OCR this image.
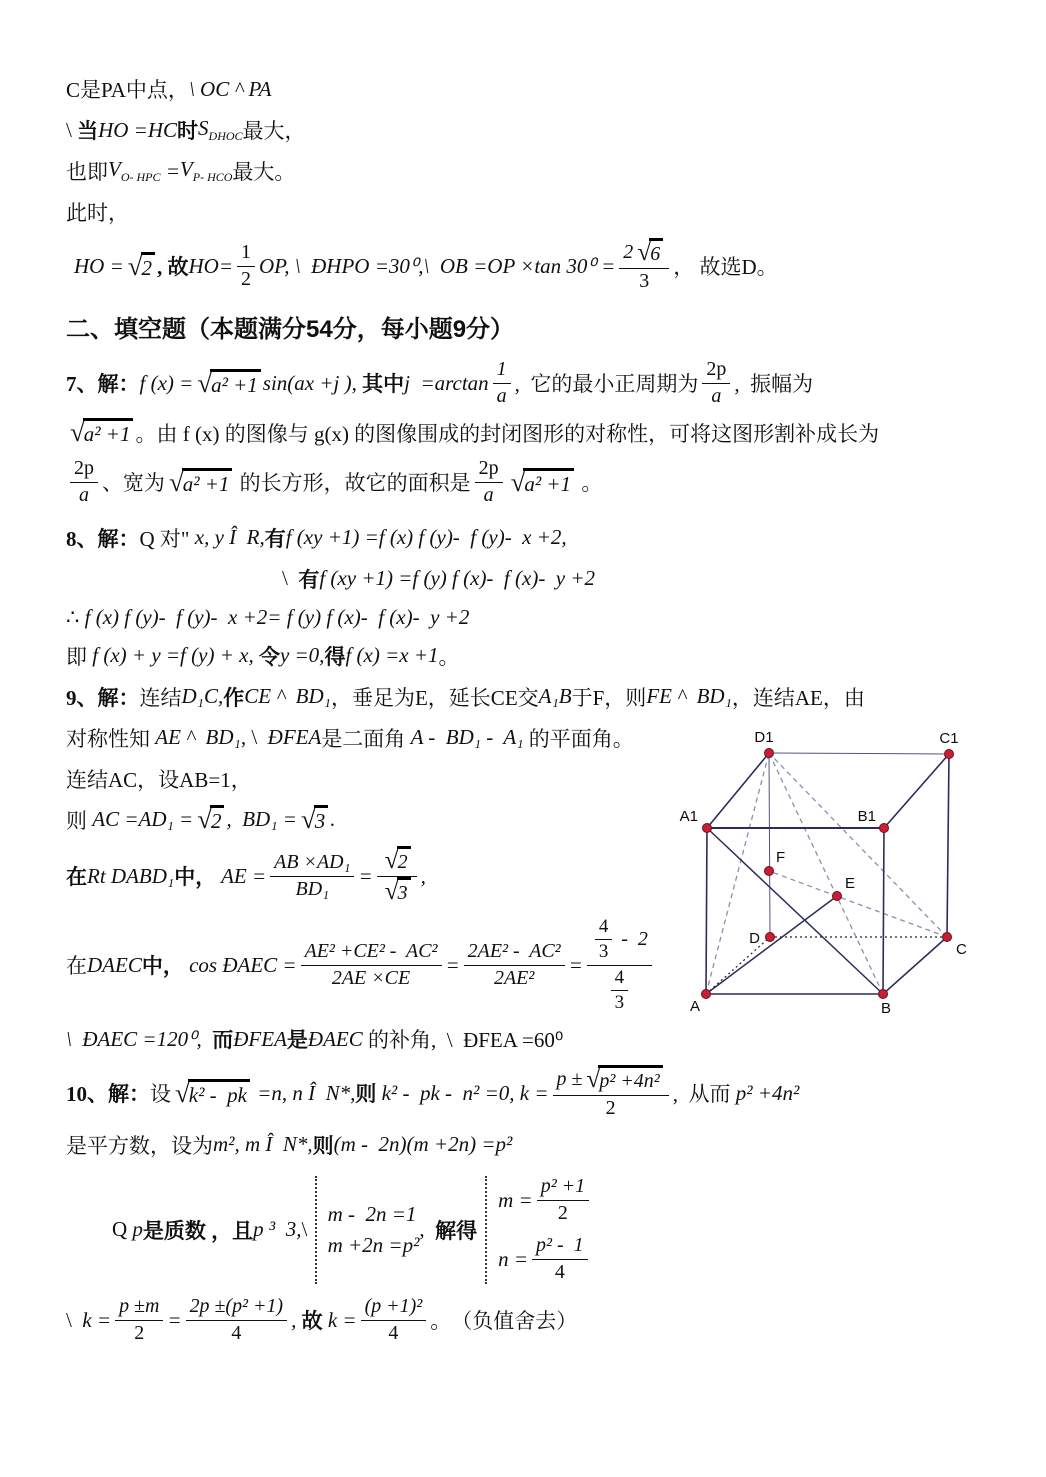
C是PA中点， \ OC ^ PA
\ 当 HO =HC 时 $S_{DHOC}$ 最大，
也即 $V_{O- HPC} = V_{P- HCO}$ 最大。
此时，
HO = √ 2 , 故 $HO= \frac{1}{2}$ OP, \  ĐHPO =30⁰,\  OB =OP ×tan $30^0 = \frac{2 √ 6}{3}$ ， 故选D。
二、填空题（本题满分54分，每小题9分）
7、解： f (x) = √ a² +1 sin(ax +j ), 其中 $j =\arctan \frac{1}{a}$ ,  它的最小正周期为 $\frac{2p}{a}$ ,  振幅为
√ a² +1 。由 f (x) 的图像与 g(x) 的图像围成的封闭图形的对称性，可将这图形割补成长为
$\frac{2p}{a}$ 、宽为 √ a² +1 的长方形，故它的面积是 $\frac{2p}{a}$ √ a² +1 。
8、解： Q 对" x, y Î  R, 有 f (xy +1) =f (x) f (y)-  f (y)-  x +2,
\ 有 f (xy +1) =f (y) f (x)-  f (x)-  y +2
∴ f (x) f (y)-  f (y)-  x +2= f (y) f (x)-  f (x)-  y +2
即 f (x) + y =f (y) + x, 令 y =0, 得 f (x) =x +1 。
9、解： 连结 D₁C, 作 CE ^  BD₁ ，垂足为E，延长CE交 A₁B 于F，则 FE ^  BD₁ ，连结AE，由
对称性知 AE ^  BD₁ , \ ĐFEA 是二面角 A -  BD₁ -  A₁ 的平面角。
连结AC，设AB=1，
则 AC =AD₁ = √ 2 ,  BD₁ = √ 3 .
在 Rt DABD₁ 中， AE = $\frac{\text{AB ×AD₁}}{\text{BD₁}} = \frac{√ 2}{√ 3}$ ,
在 DAEC 中， cos ĐAEC = $\frac{\text{AE² +CE² -  AC²}}{2AE \times CE} = \frac{\text{2AE² -  AC²}}{\text{2AE²}} = \frac{\frac{4}{3} - 2}{\frac{4}{3}}$
\  ĐAEC =120⁰, 而 ĐFEA 是 ĐAEC 的补角,  \  ĐFEA =60⁰
10、解： 设 √ k² -  pk =n, n Î  N*, 则 k² -  pk -  n² =0, $k = \frac{\text{p ± √ p² +4n²}}{2}$ ,  从而 p² +4n²
是平方数，设为 m², m Î  N*, 则 (m -  2n)(m +2n) =p²
Q p 是质数 ，且 p ³  3, \
m -  2n =1
m +2n =p²
, 解得
$m = \frac{\text{p² +1}}{2}$
$n = \frac{\text{p² -  1}}{4}$
\ $k = \frac{p \pm m}{2} = \frac{\text{2p ±(p² +1)}}{4}$ , 故 $k = \frac{\text{(p +1)²}}{4}$ 。 （负值舍去）
D1	C1
A1	B1
F
E
D
C
A	B
